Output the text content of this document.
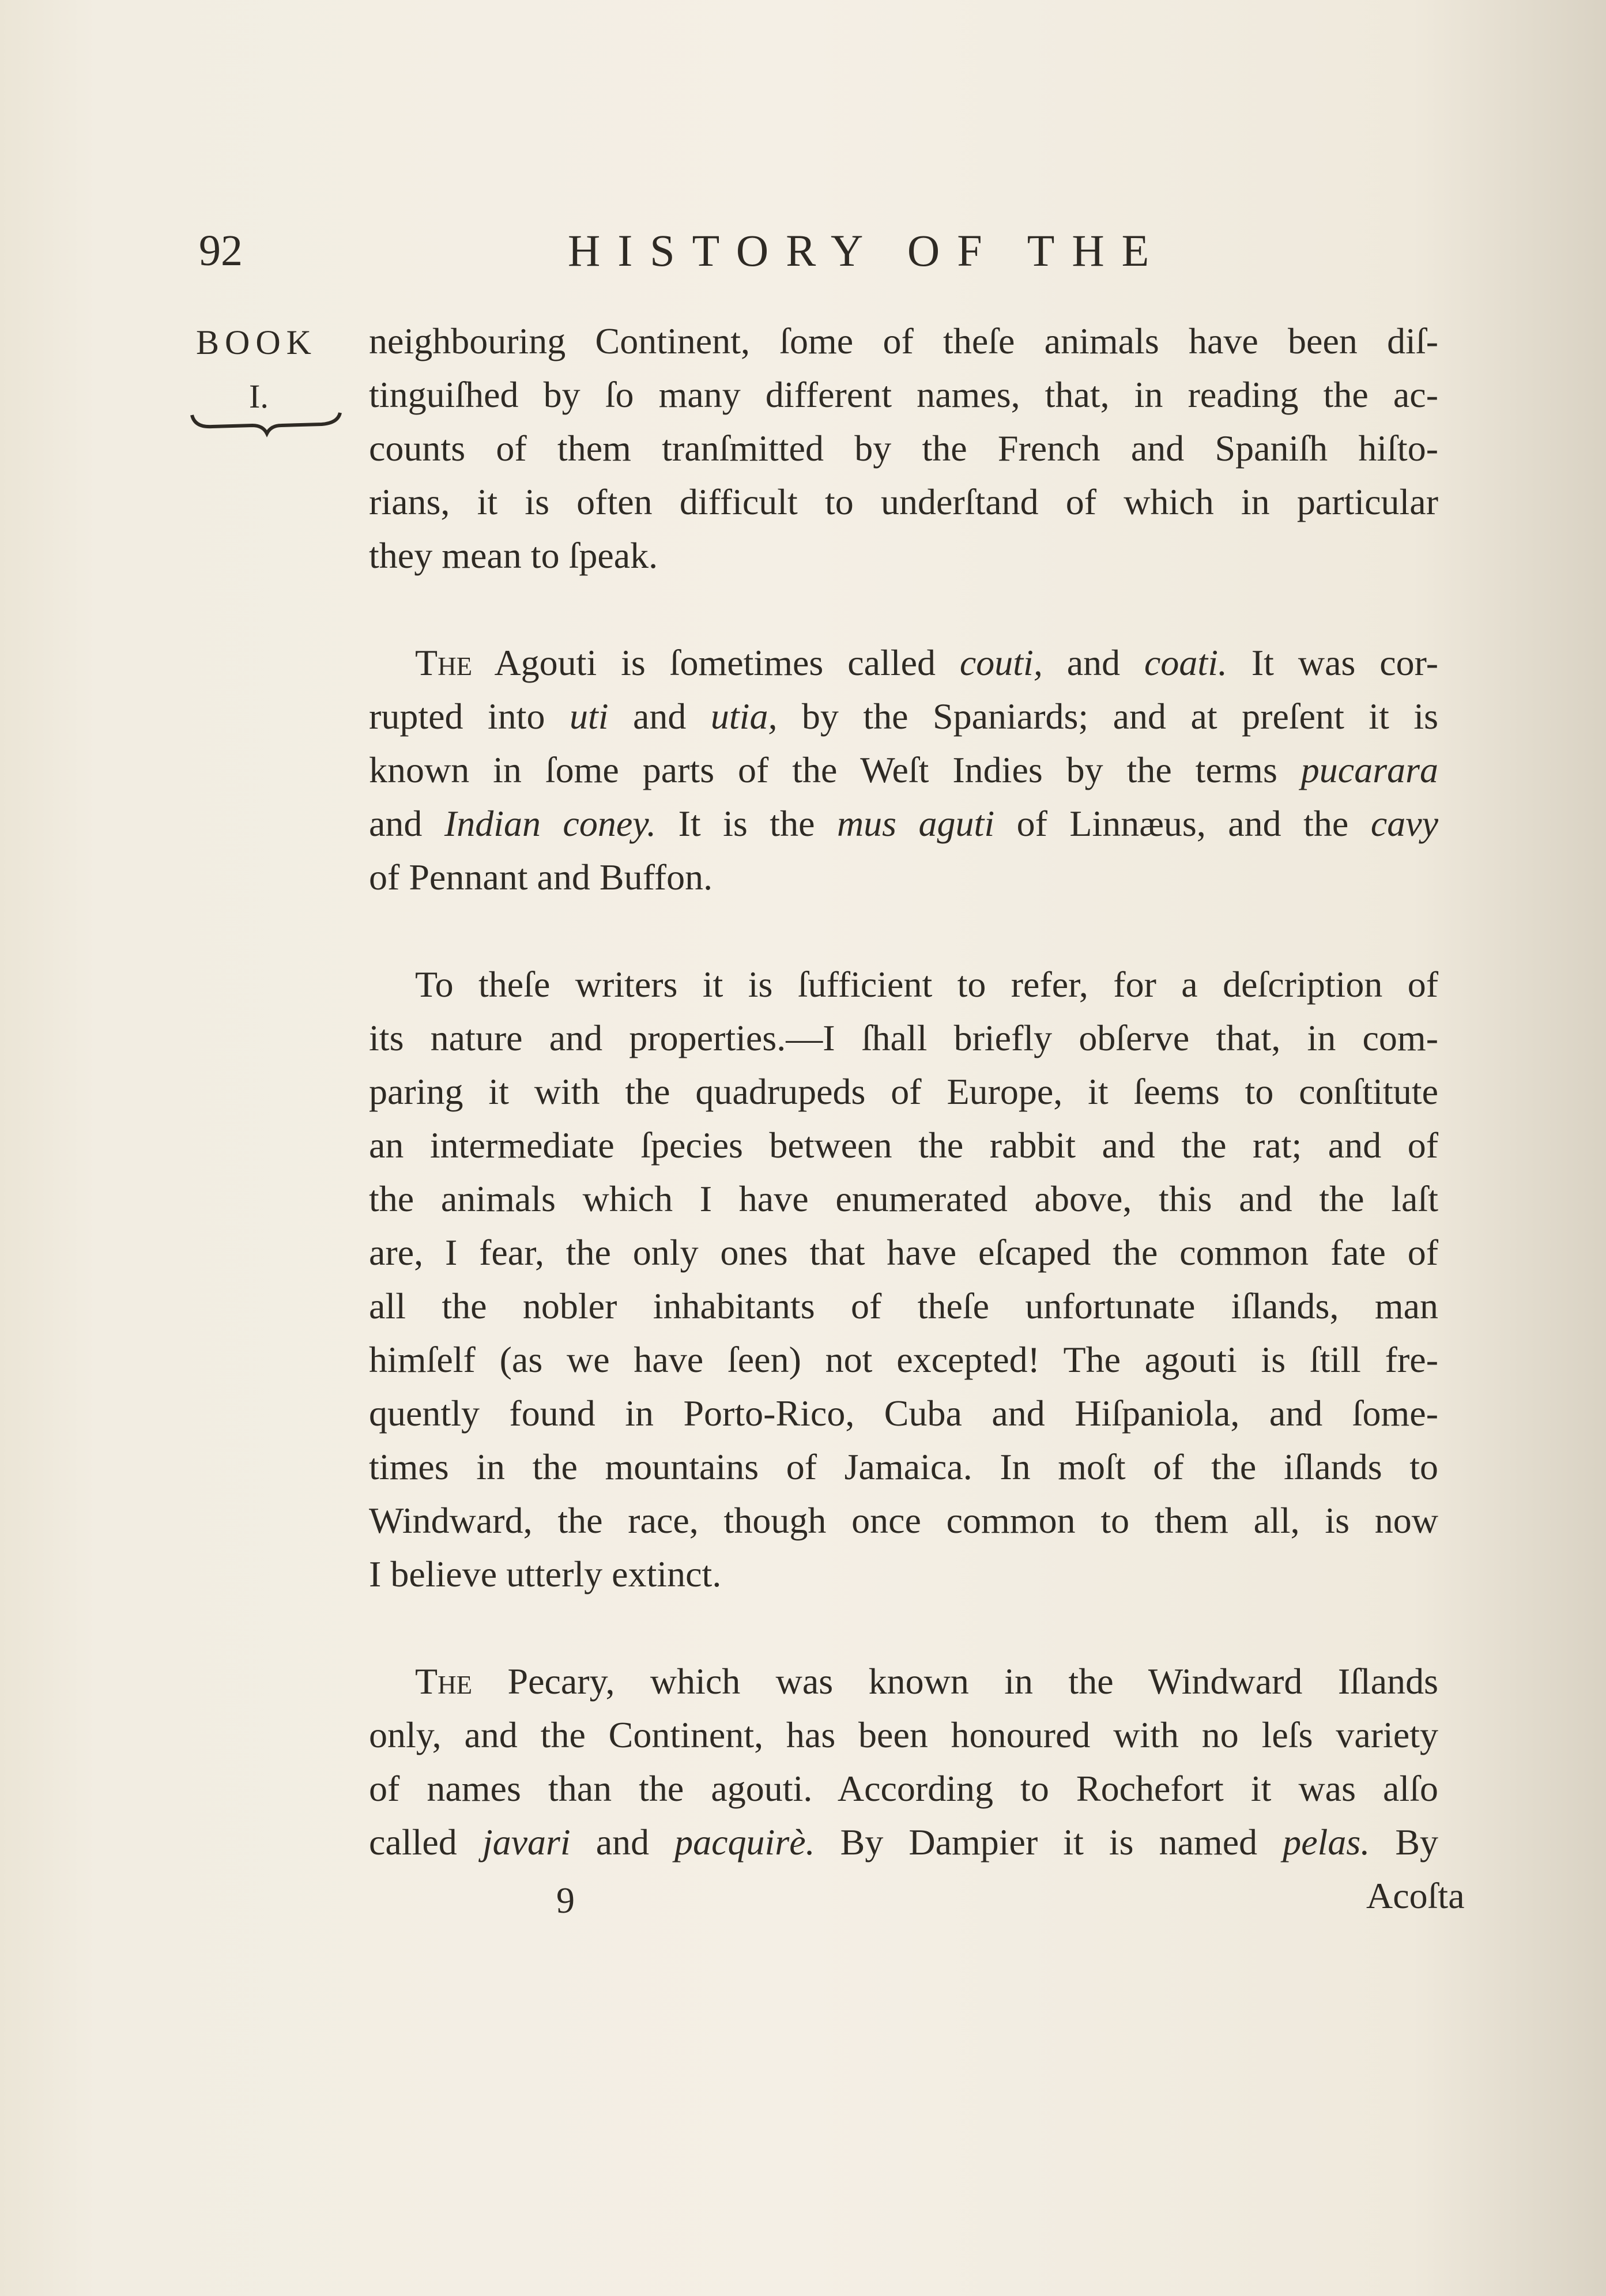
92	HISTORY OF THE
BOOK
I.
neighbouring Continent, ſome of theſe animals have been diſ-
tinguiſhed by ſo many different names, that, in reading the ac-
counts of them tranſmitted by the French and Spaniſh hiſto-
rians, it is often difficult to underſtand of which in particular
they mean to ſpeak.
The Agouti is ſometimes called couti, and coati. It was cor-
rupted into uti and utia, by the Spaniards; and at preſent it is
known in ſome parts of the Weſt Indies by the terms pucarara
and Indian coney. It is the mus aguti of Linnæus, and the cavy
of Pennant and Buffon.
To theſe writers it is ſufficient to refer, for a deſcription of
its nature and properties.—I ſhall briefly obſerve that, in com-
paring it with the quadrupeds of Europe, it ſeems to conſtitute
an intermediate ſpecies between the rabbit and the rat; and of
the animals which I have enumerated above, this and the laſt
are, I fear, the only ones that have eſcaped the common fate of
all the nobler inhabitants of theſe unfortunate iſlands, man
himſelf (as we have ſeen) not excepted! The agouti is ſtill fre-
quently found in Porto-Rico, Cuba and Hiſpaniola, and ſome-
times in the mountains of Jamaica. In moſt of the iſlands to
Windward, the race, though once common to them all, is now
I believe utterly extinct.
The Pecary, which was known in the Windward Iſlands
only, and the Continent, has been honoured with no leſs variety
of names than the agouti. According to Rochefort it was alſo
called javari and pacquirè. By Dampier it is named pelas. By
9	Acoſta
